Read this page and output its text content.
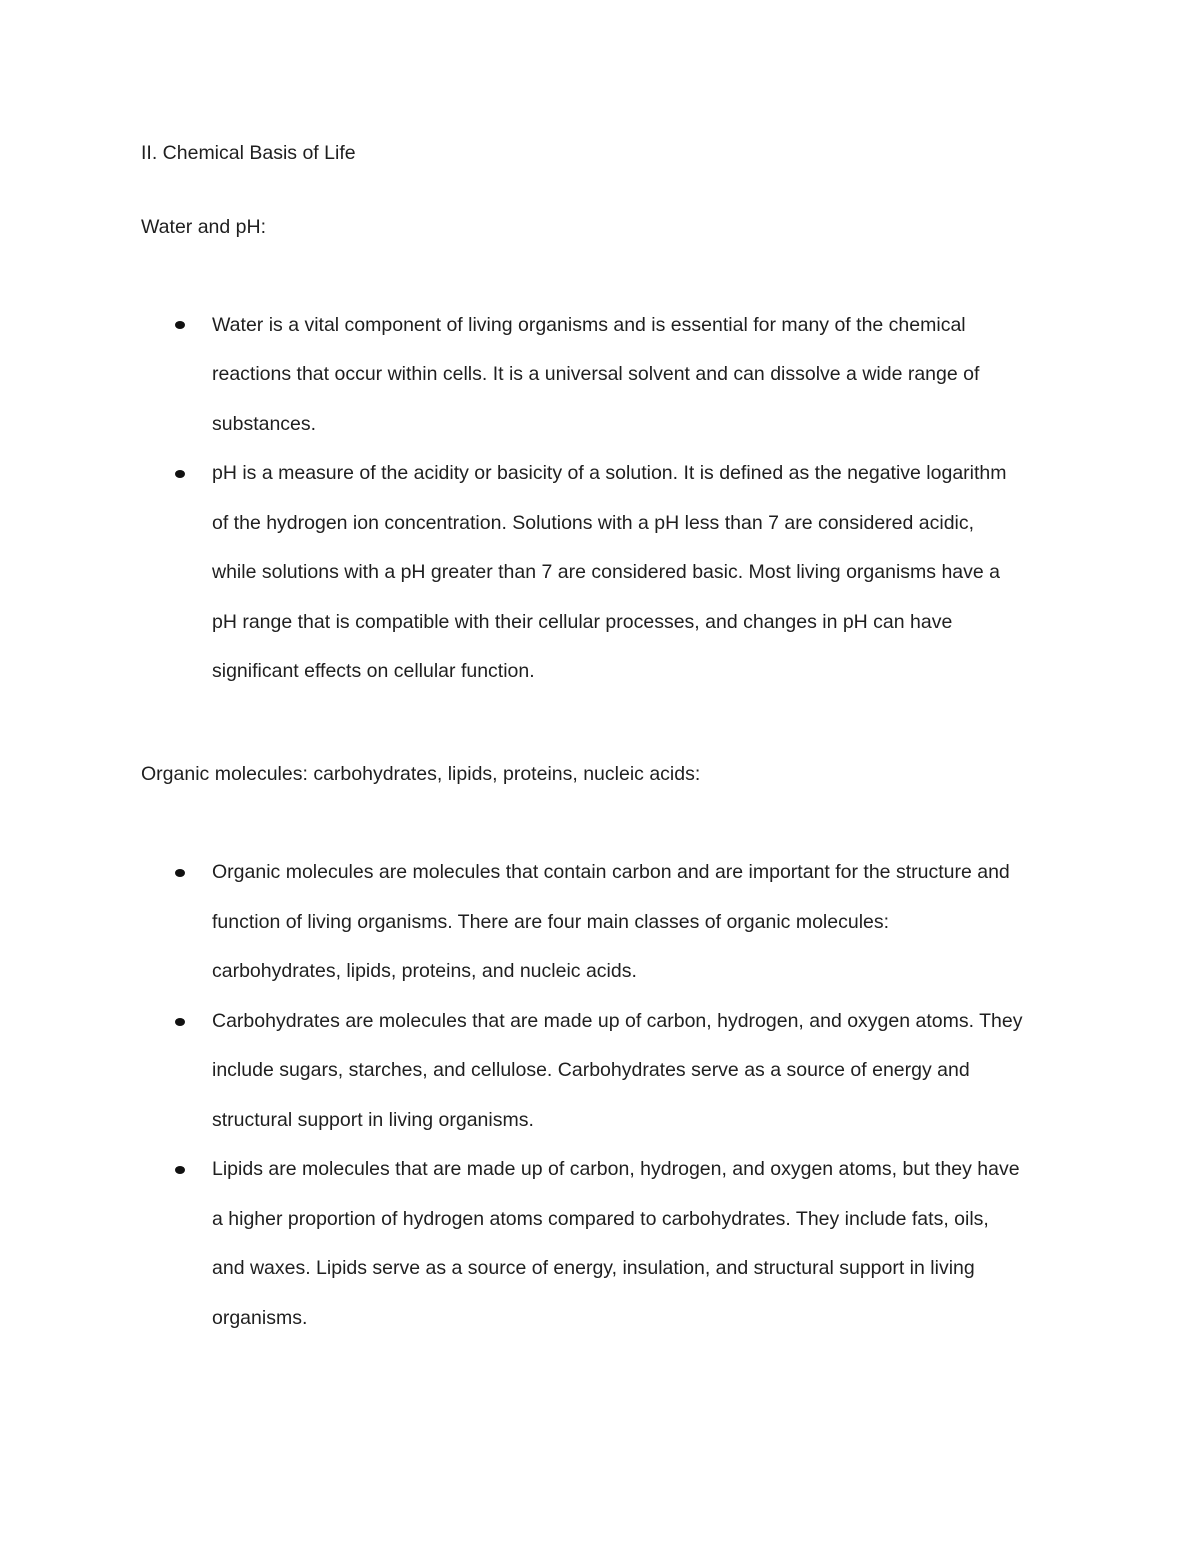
II. Chemical Basis of Life
Water and pH:

Water is a vital component of living organisms and is essential for many of the chemical

reactions that occur within cells. It is a universal solvent and can dissolve a wide range of

substances.

pH is a measure of the acidity or basicity of a solution. It is defined as the negative logarithm

of the hydrogen ion concentration. Solutions with a pH less than 7 are considered acidic,

while solutions with a pH greater than 7 are considered basic. Most living organisms have a

pH range that is compatible with their cellular processes, and changes in pH can have

significant effects on cellular function.

Organic molecules: carbohydrates, lipids, proteins, nucleic acids:

Organic molecules are molecules that contain carbon and are important for the structure and

function of living organisms. There are four main classes of organic molecules:

carbohydrates, lipids, proteins, and nucleic acids.

Carbohydrates are molecules that are made up of carbon, hydrogen, and oxygen atoms. They

include sugars, starches, and cellulose. Carbohydrates serve as a source of energy and

structural support in living organisms.

Lipids are molecules that are made up of carbon, hydrogen, and oxygen atoms, but they have

a higher proportion of hydrogen atoms compared to carbohydrates. They include fats, oils,

and waxes. Lipids serve as a source of energy, insulation, and structural support in living

organisms.
